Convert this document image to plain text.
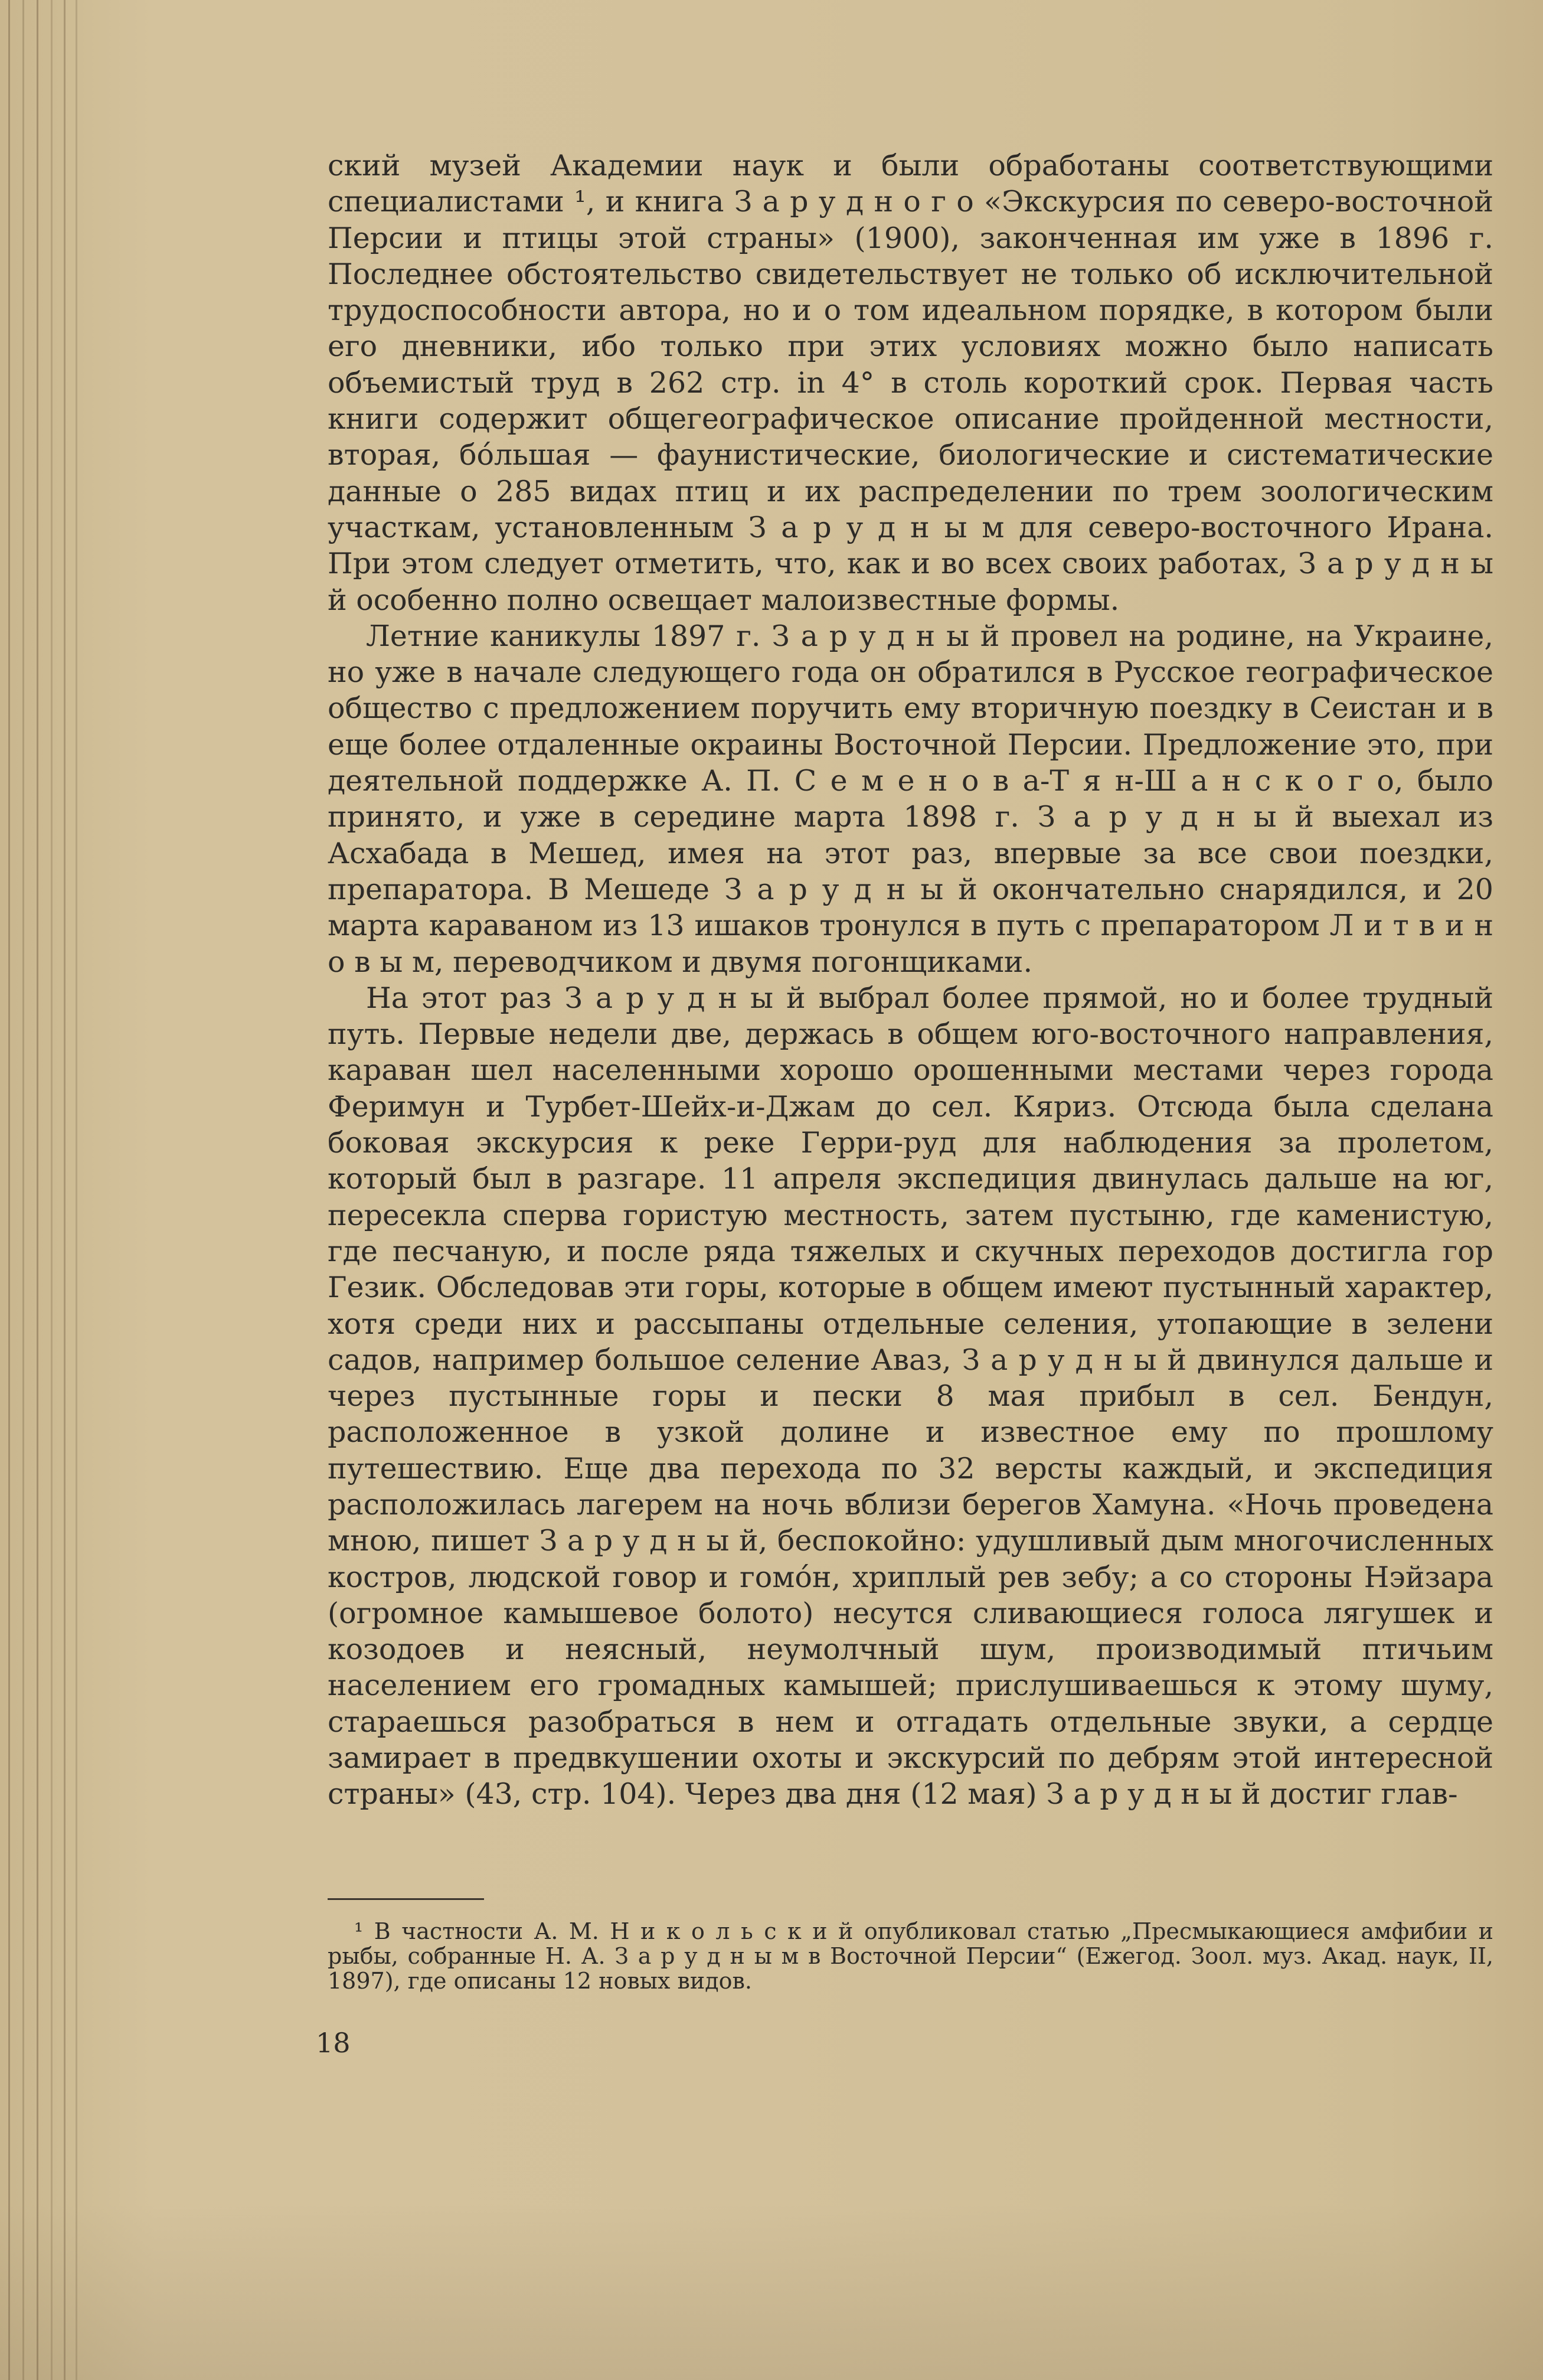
ский музей Академии наук и были обработаны соответствующими специалистами ¹, и книга З а р у д н о г о «Экскурсия по северо-восточной Персии и птицы этой страны» (1900), законченная им уже в 1896 г. Последнее обстоятельство свидетельствует не только об исключительной трудоспособности автора, но и о том идеальном порядке, в котором были его дневники, ибо только при этих условиях можно было написать объемистый труд в 262 стр. in 4° в столь короткий срок. Первая часть книги содержит общегеографическое описание пройденной местности, вторая, бо́льшая — фаунистические, биологические и систематические данные о 285 видах птиц и их распределении по трем зоологическим участкам, установленным З а р у д н ы м для северо-восточного Ирана. При этом следует отметить, что, как и во всех своих работах, З а р у д н ы й особенно полно освещает малоизвестные формы.

Летние каникулы 1897 г. З а р у д н ы й провел на родине, на Украине, но уже в начале следующего года он обратился в Русское географическое общество с предложением поручить ему вторичную поездку в Сеистан и в еще более отдаленные окраины Восточной Персии. Предложение это, при деятельной поддержке А. П. С е м е н о в а-Т я н-Ш а н с к о г о, было принято, и уже в середине марта 1898 г. З а р у д н ы й выехал из Асхабада в Мешед, имея на этот раз, впервые за все свои поездки, препаратора. В Мешеде З а р у д н ы й окончательно снарядился, и 20 марта караваном из 13 ишаков тронулся в путь с препаратором Л и т в и н о в ы м, переводчиком и двумя погонщиками.

На этот раз З а р у д н ы й выбрал более прямой, но и более трудный путь. Первые недели две, держась в общем юго-восточного направления, караван шел населенными хорошо орошенными местами через города Феримун и Турбет-Шейх-и-Джам до сел. Кяриз. Отсюда была сделана боковая экскурсия к реке Герри-руд для наблюдения за пролетом, который был в разгаре. 11 апреля экспедиция двинулась дальше на юг, пересекла сперва гористую местность, затем пустыню, где каменистую, где песчаную, и после ряда тяжелых и скучных переходов достигла гор Гезик. Обследовав эти горы, которые в общем имеют пустынный характер, хотя среди них и рассыпаны отдельные селения, утопающие в зелени садов, например большое селение Аваз, З а р у д н ы й двинулся дальше и через пустынные горы и пески 8 мая прибыл в сел. Бендун, расположенное в узкой долине и известное ему по прошлому путешествию. Еще два перехода по 32 версты каждый, и экспедиция расположилась лагерем на ночь вблизи берегов Хамуна. «Ночь проведена мною, пишет З а р у д н ы й, беспокойно: удушливый дым многочисленных костров, людской говор и гомо́н, хриплый рев зебу; а со стороны Нэйзара (огромное камышевое болото) несутся сливающиеся голоса лягушек и козодоев и неясный, неумолчный шум, производимый птичьим населением его громадных камышей; прислушиваешься к этому шуму, стараешься разобраться в нем и отгадать отдельные звуки, а сердце замирает в предвкушении охоты и экскурсий по дебрям этой интересной страны» (43, стр. 104). Через два дня (12 мая) З а р у д н ы й достиг глав-

¹ В частности А. М. Н и к о л ь с к и й опубликовал статью „Пресмыкающиеся амфибии и рыбы, собранные Н. А. З а р у д н ы м в Восточной Персии“ (Ежегод. Зоол. муз. Акад. наук, II, 1897), где описаны 12 новых видов.

18
